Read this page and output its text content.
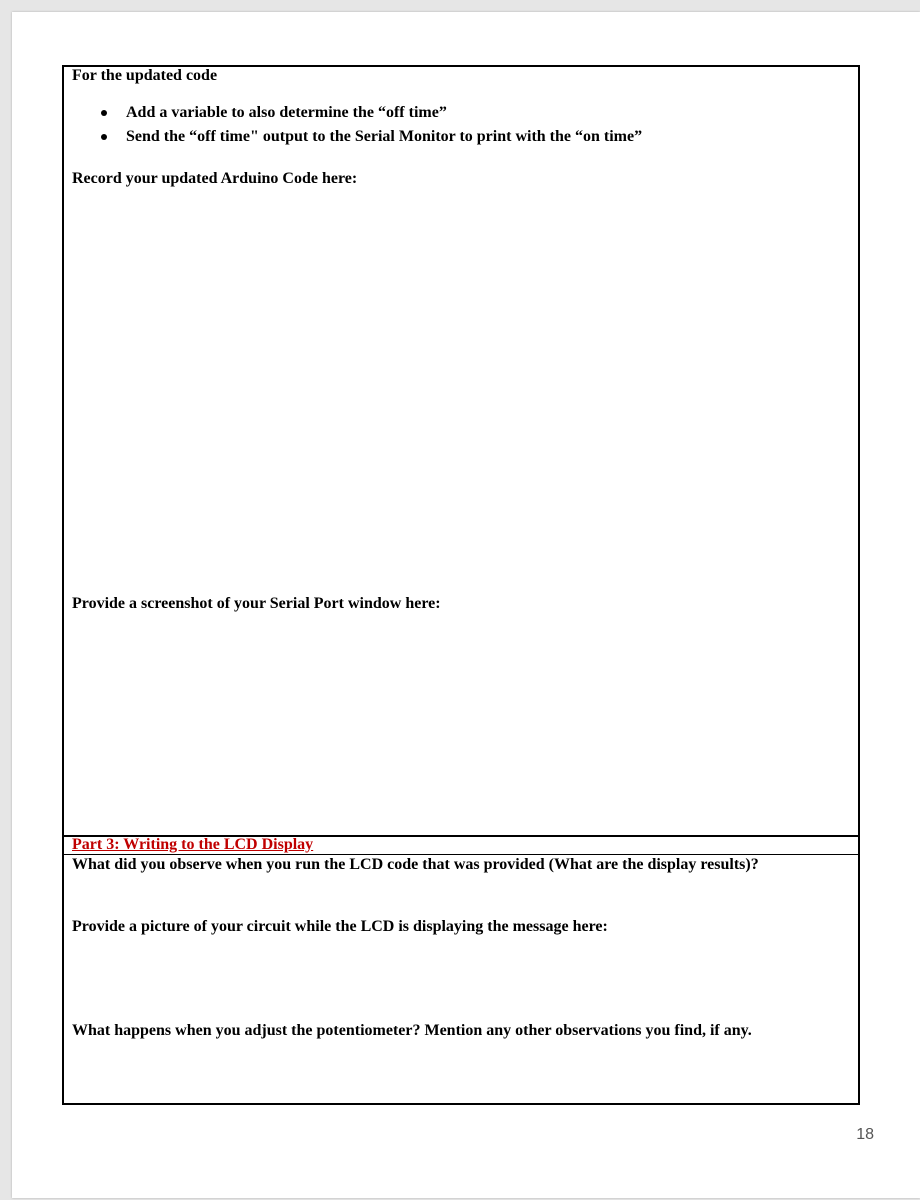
For the updated code
Add a variable to also determine the “off time”
Send the “off time" output to the Serial Monitor to print with the “on time”
Record your updated Arduino Code here:
Provide a screenshot of your Serial Port window here:
Part 3: Writing to the LCD Display
What did you observe when you run the LCD code that was provided (What are the display results)?
Provide a picture of your circuit while the LCD is displaying the message here:
What happens when you adjust the potentiometer? Mention any other observations you find, if any.
18
